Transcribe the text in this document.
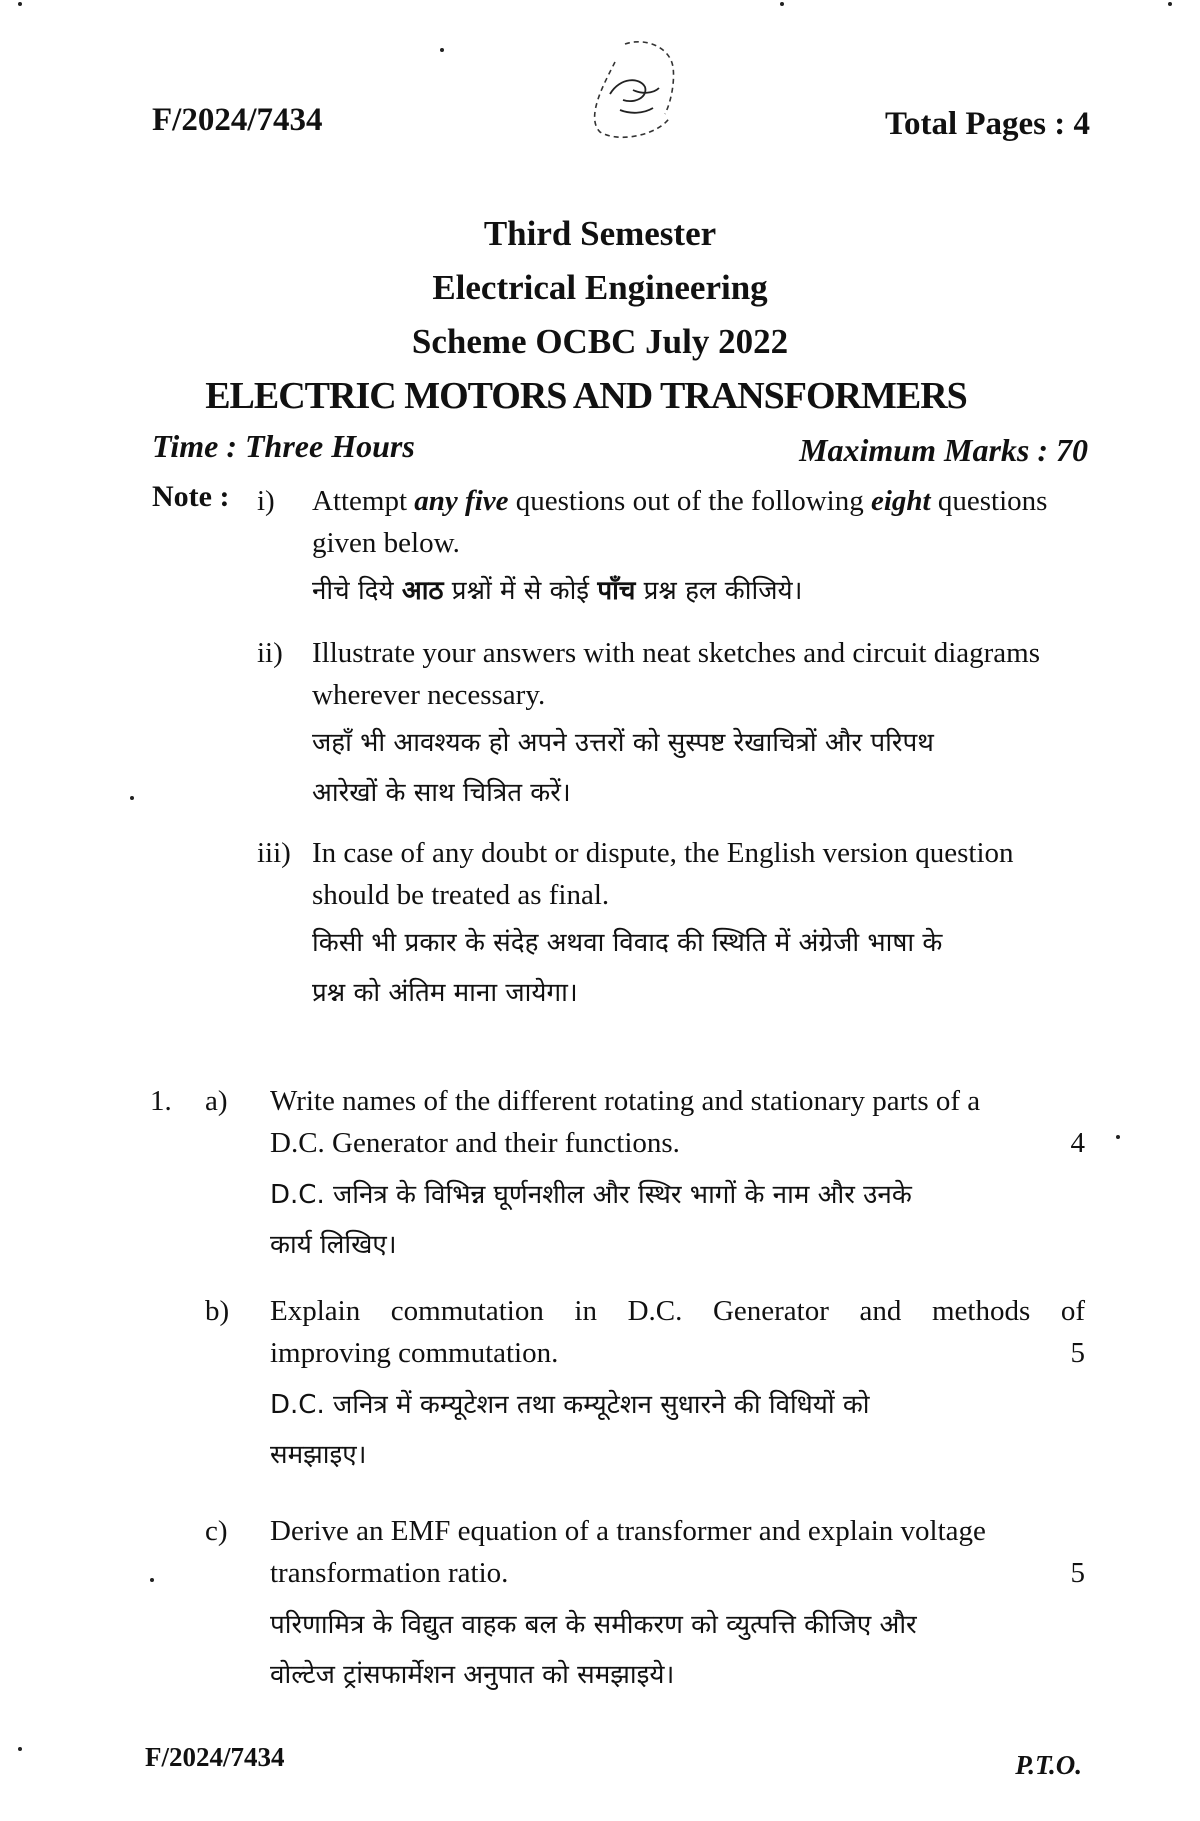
F/2024/7434	Total Pages : 4
Third Semester
Electrical Engineering
Scheme OCBC July 2022
ELECTRIC MOTORS AND TRANSFORMERS
Time : Three Hours	Maximum Marks : 70
Note : i) Attempt any five questions out of the following eight questions
given below.
नीचे दिये आठ प्रश्नों में से कोई पाँच प्रश्न हल कीजिये।
ii) Illustrate your answers with neat sketches and circuit diagrams
wherever necessary.
जहाँ भी आवश्यक हो अपने उत्तरों को सुस्पष्ट रेखाचित्रों और परिपथ
आरेखों के साथ चित्रित करें।
iii) In case of any doubt or dispute, the English version question
should be treated as final.
किसी भी प्रकार के संदेह अथवा विवाद की स्थिति में अंग्रेजी भाषा के
प्रश्न को अंतिम माना जायेगा।
1. a) Write names of the different rotating and stationary parts of a
D.C. Generator and their functions.	4
D.C. जनित्र के विभिन्न घूर्णनशील और स्थिर भागों के नाम और उनके
कार्य लिखिए।
b) Explain commutation in D.C. Generator and methods of
improving commutation.	5
D.C. जनित्र में कम्यूटेशन तथा कम्यूटेशन सुधारने की विधियों को
समझाइए।
c) Derive an EMF equation of a transformer and explain voltage
transformation ratio.	5
परिणामित्र के विद्युत वाहक बल के समीकरण को व्युत्पत्ति कीजिए और
वोल्टेज ट्रांसफार्मेशन अनुपात को समझाइये।
F/2024/7434	P.T.O.
